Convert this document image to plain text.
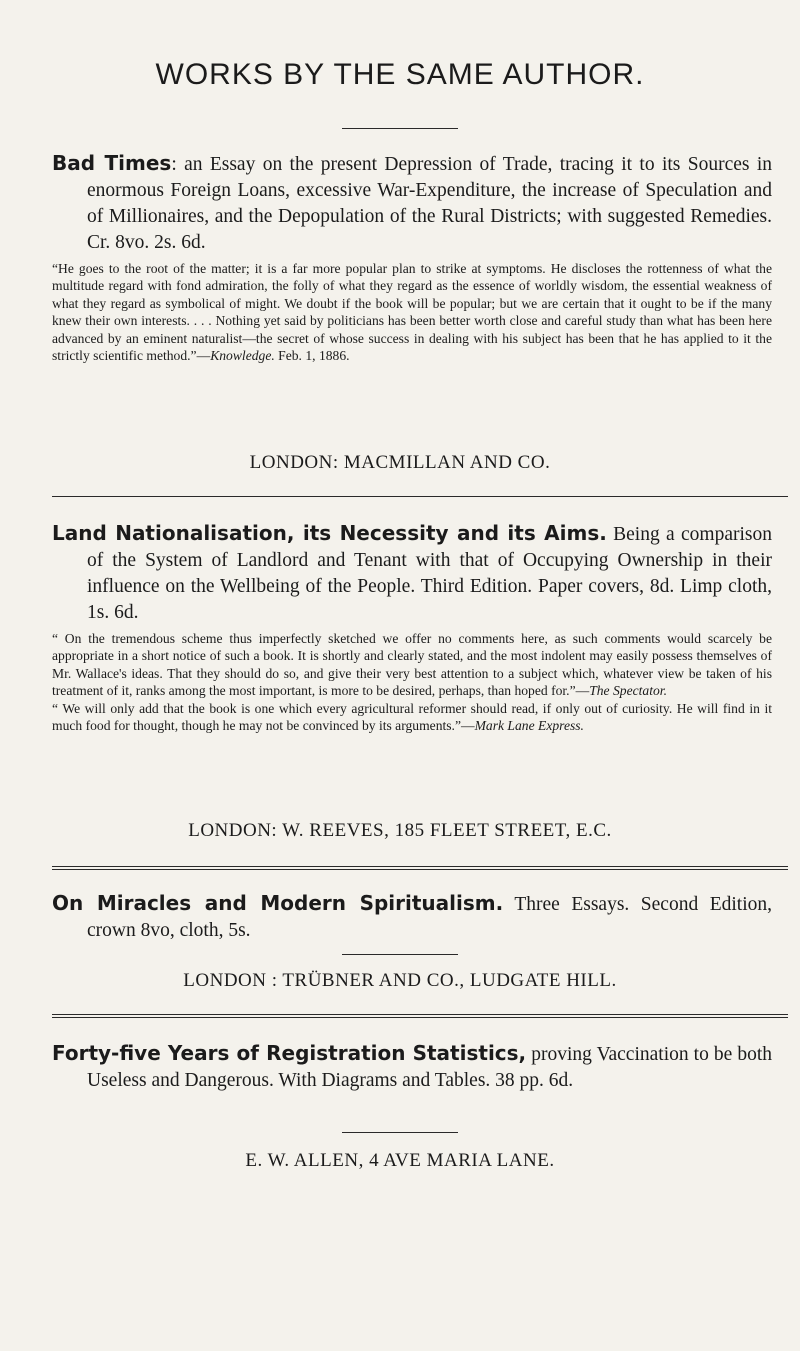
WORKS BY THE SAME AUTHOR.

Bad Times: an Essay on the present Depression of Trade, tracing it to its Sources in enormous Foreign Loans, excessive War-Expenditure, the increase of Speculation and of Millionaires, and the Depopulation of the Rural Districts; with suggested Remedies. Cr. 8vo. 2s. 6d.

“He goes to the root of the matter; it is a far more popular plan to strike at symptoms. He discloses the rottenness of what the multitude regard with fond admiration, the folly of what they regard as the essence of worldly wisdom, the essential weakness of what they regard as symbolical of might. We doubt if the book will be popular; but we are certain that it ought to be if the many knew their own interests. . . . Nothing yet said by politicians has been better worth close and careful study than what has been here advanced by an eminent naturalist—the secret of whose success in dealing with his subject has been that he has applied to it the strictly scientific method.”—Knowledge. Feb. 1, 1886.

LONDON: MACMILLAN AND CO.

Land Nationalisation, its Necessity and its Aims. Being a comparison of the System of Landlord and Tenant with that of Occupying Ownership in their influence on the Wellbeing of the People. Third Edition. Paper covers, 8d. Limp cloth, 1s. 6d.

“ On the tremendous scheme thus imperfectly sketched we offer no comments here, as such comments would scarcely be appropriate in a short notice of such a book. It is shortly and clearly stated, and the most indolent may easily possess themselves of Mr. Wallace's ideas. That they should do so, and give their very best attention to a subject which, whatever view be taken of his treatment of it, ranks among the most important, is more to be desired, perhaps, than hoped for.”—The Spectator.

“ We will only add that the book is one which every agricultural reformer should read, if only out of curiosity. He will find in it much food for thought, though he may not be convinced by its arguments.”—Mark Lane Express.

LONDON: W. REEVES, 185 FLEET STREET, E.C.

On Miracles and Modern Spiritualism. Three Essays. Second Edition, crown 8vo, cloth, 5s.

LONDON : TRÜBNER AND CO., LUDGATE HILL.

Forty-five Years of Registration Statistics, proving Vaccination to be both Useless and Dangerous. With Diagrams and Tables. 38 pp. 6d.

E. W. ALLEN, 4 AVE MARIA LANE.
